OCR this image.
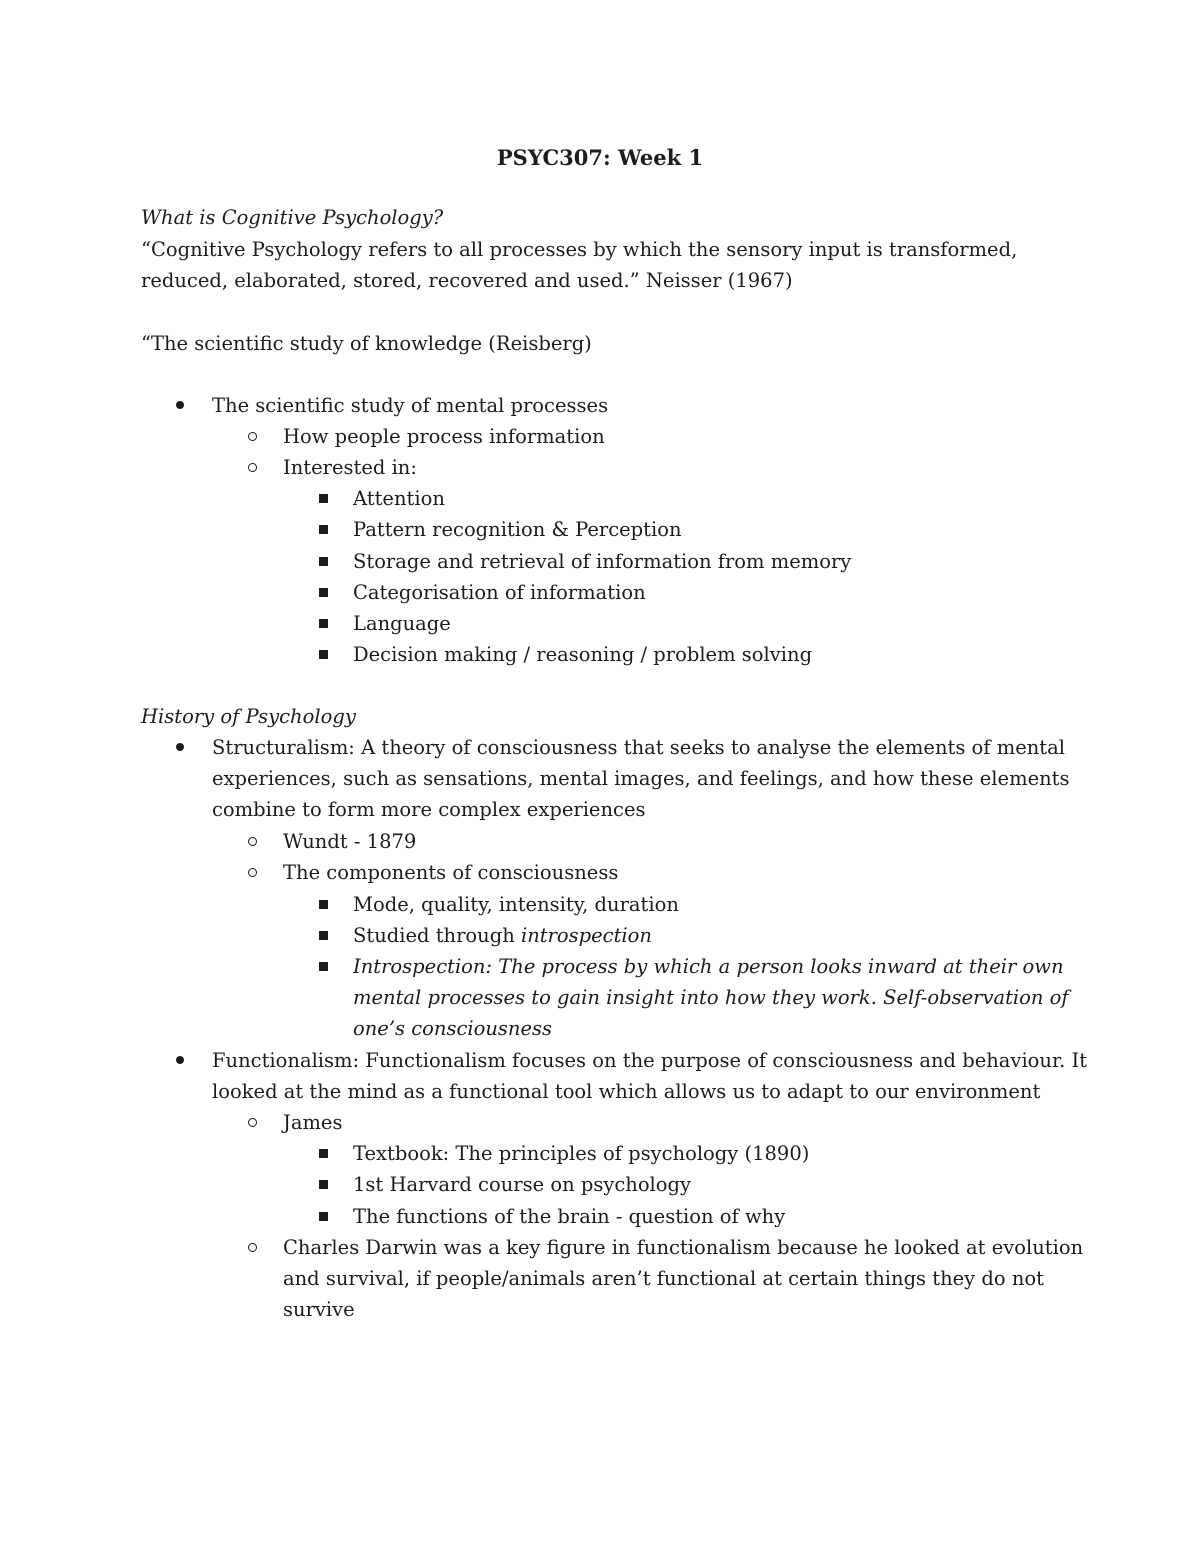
PSYC307: Week 1
What is Cognitive Psychology?
“Cognitive Psychology refers to all processes by which the sensory input is transformed,
reduced, elaborated, stored, recovered and used.” Neisser (1967)
“The scientific study of knowledge (Reisberg)
The scientific study of mental processes
How people process information
Interested in:
Attention
Pattern recognition & Perception
Storage and retrieval of information from memory
Categorisation of information
Language
Decision making / reasoning / problem solving
History of Psychology
Structuralism: A theory of consciousness that seeks to analyse the elements of mental
experiences, such as sensations, mental images, and feelings, and how these elements
combine to form more complex experiences
Wundt - 1879
The components of consciousness
Mode, quality, intensity, duration
Studied through introspection
Introspection: The process by which a person looks inward at their own
mental processes to gain insight into how they work. Self-observation of
one’s consciousness
Functionalism: Functionalism focuses on the purpose of consciousness and behaviour. It
looked at the mind as a functional tool which allows us to adapt to our environment
James
Textbook: The principles of psychology (1890)
1st Harvard course on psychology
The functions of the brain - question of why
Charles Darwin was a key figure in functionalism because he looked at evolution
and survival, if people/animals aren’t functional at certain things they do not
survive
